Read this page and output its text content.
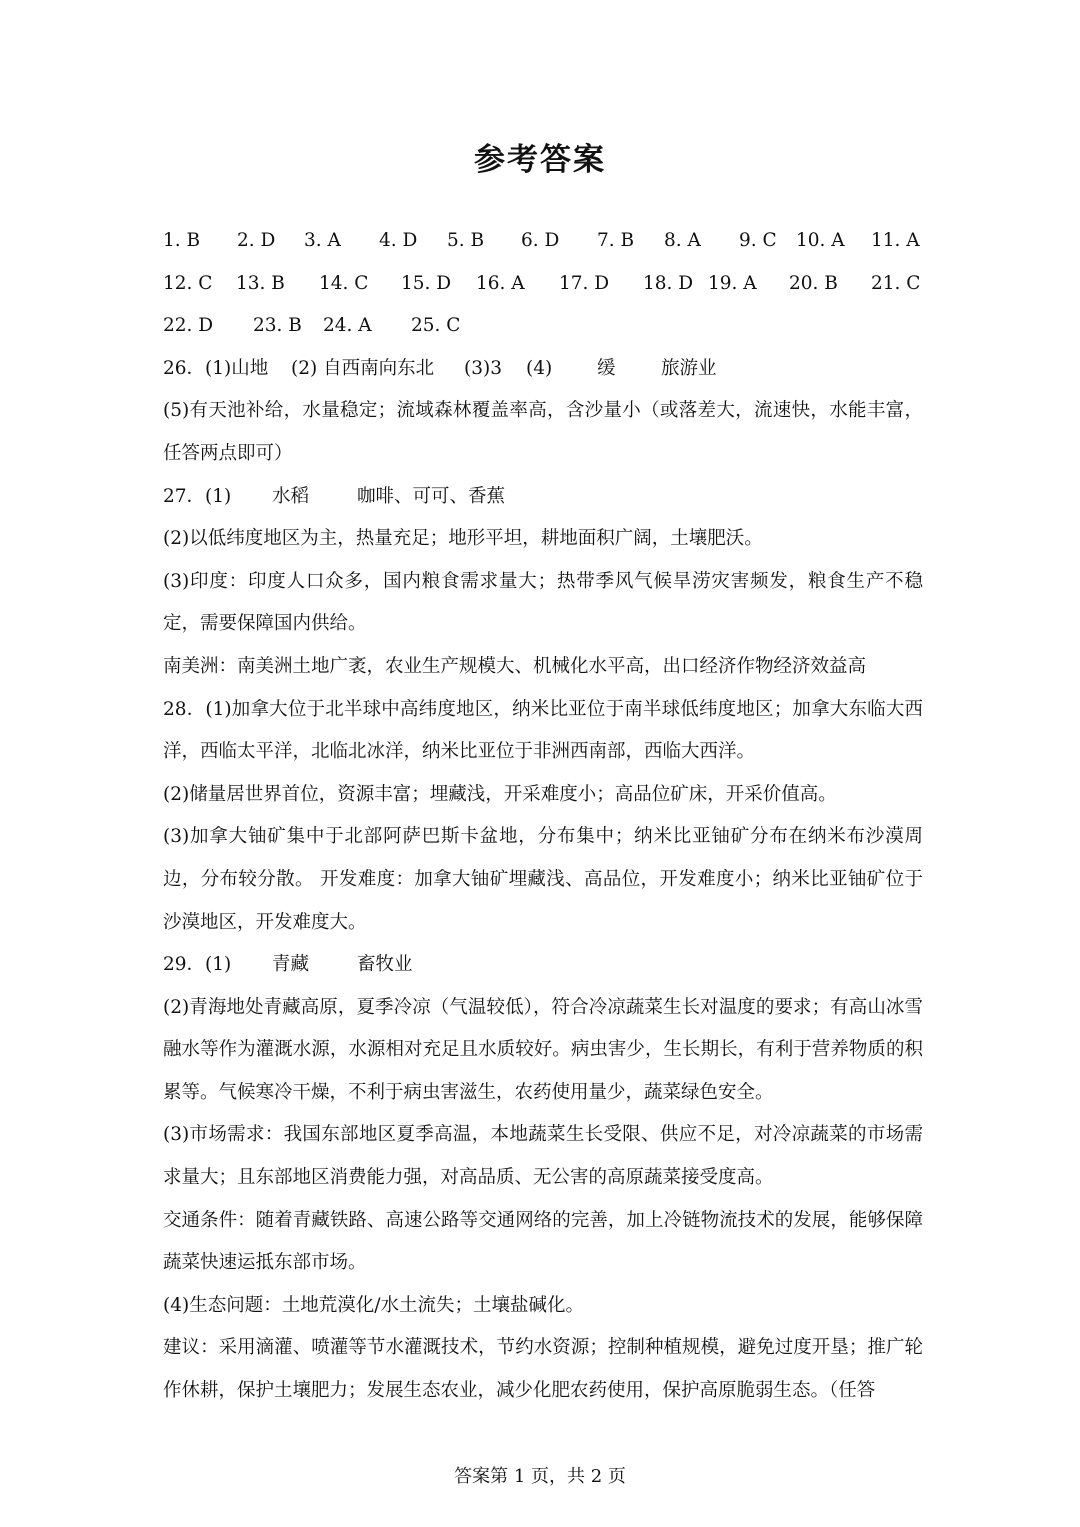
参考答案
1. B 2. D 3. A 4. D 5. B 6. D 7. B 8. A 9. C 10. A 11. A
12. C 13. B 14. C 15. D 16. A 17. D 18. D 19. A 20. B 21. C
22. D 23. B 24. A 25. C
26．(1)山地 (2) 自西南向东北 (3)3 (4) 缓 旅游业
(5)有天池补给，水量稳定；流域森林覆盖率高，含沙量小（或落差大，流速快，水能丰富，任答两点即可）
27．(1) 水稻	咖啡、可可、香蕉
(2)以低纬度地区为主，热量充足；地形平坦，耕地面积广阔，土壤肥沃。
(3)印度：印度人口众多，国内粮食需求量大；热带季风气候旱涝灾害频发，粮食生产不稳定，需要保障国内供给。
南美洲：南美洲土地广袤，农业生产规模大、机械化水平高，出口经济作物经济效益高
28．(1)加拿大位于北半球中高纬度地区，纳米比亚位于南半球低纬度地区；加拿大东临大西洋，西临太平洋，北临北冰洋，纳米比亚位于非洲西南部，西临大西洋。
(2)储量居世界首位，资源丰富；埋藏浅，开采难度小；高品位矿床，开采价值高。
(3)加拿大铀矿集中于北部阿萨巴斯卡盆地，分布集中；纳米比亚铀矿分布在纳米布沙漠周边，分布较分散。 开发难度：加拿大铀矿埋藏浅、高品位，开发难度小；纳米比亚铀矿位于沙漠地区，开发难度大。
29．(1) 青藏	畜牧业
(2)青海地处青藏高原，夏季冷凉（气温较低），符合冷凉蔬菜生长对温度的要求；有高山冰雪融水等作为灌溉水源，水源相对充足且水质较好。病虫害少，生长期长，有利于营养物质的积累等。气候寒冷干燥，不利于病虫害滋生，农药使用量少，蔬菜绿色安全。
(3)市场需求：我国东部地区夏季高温，本地蔬菜生长受限、供应不足，对冷凉蔬菜的市场需求量大；且东部地区消费能力强，对高品质、无公害的高原蔬菜接受度高。
交通条件：随着青藏铁路、高速公路等交通网络的完善，加上冷链物流技术的发展，能够保障蔬菜快速运抵东部市场。
(4)生态问题：土地荒漠化/水土流失；土壤盐碱化。
建议：采用滴灌、喷灌等节水灌溉技术，节约水资源；控制种植规模，避免过度开垦；推广轮作休耕，保护土壤肥力；发展生态农业，减少化肥农药使用，保护高原脆弱生态。（任答
答案第 1 页，共 2 页
